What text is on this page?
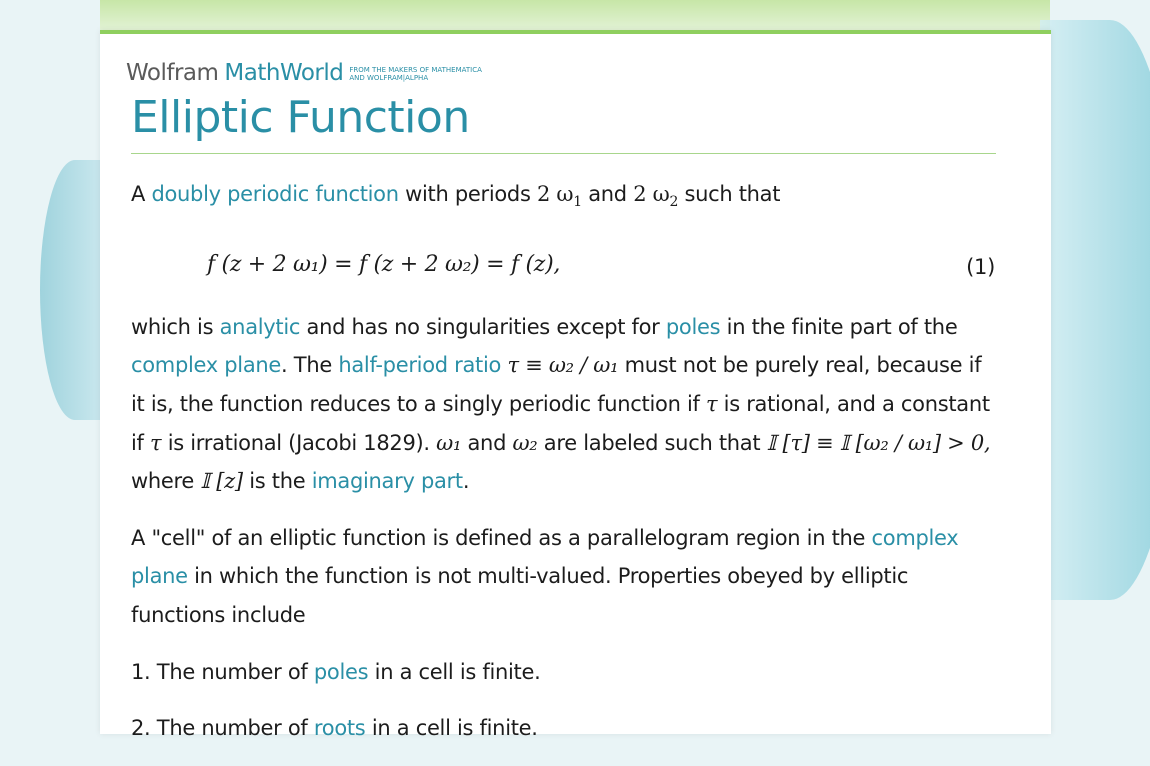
Wolfram MathWorld FROM THE MAKERS OF MATHEMATICA
AND WOLFRAM|ALPHA
Elliptic Function

A doubly periodic function with periods 2 $\omega_1$ and 2 $\omega_2$ such that

f (z + 2 ω₁) = f (z + 2 ω₂) = f (z),	(1)

which is analytic and has no singularities except for poles in the finite part of the complex plane. The half-period ratio τ ≡ ω₂ / ω₁ must not be purely real, because if it is, the function reduces to a singly periodic function if τ is rational, and a constant if τ is irrational (Jacobi 1829). ω₁ and ω₂ are labeled such that 𝕀 [τ] ≡ 𝕀 [ω₂ / ω₁] > 0, where 𝕀 [z] is the imaginary part.

A "cell" of an elliptic function is defined as a parallelogram region in the complex plane in which the function is not multi-valued. Properties obeyed by elliptic functions include

1. The number of poles in a cell is finite.

2. The number of roots in a cell is finite.
